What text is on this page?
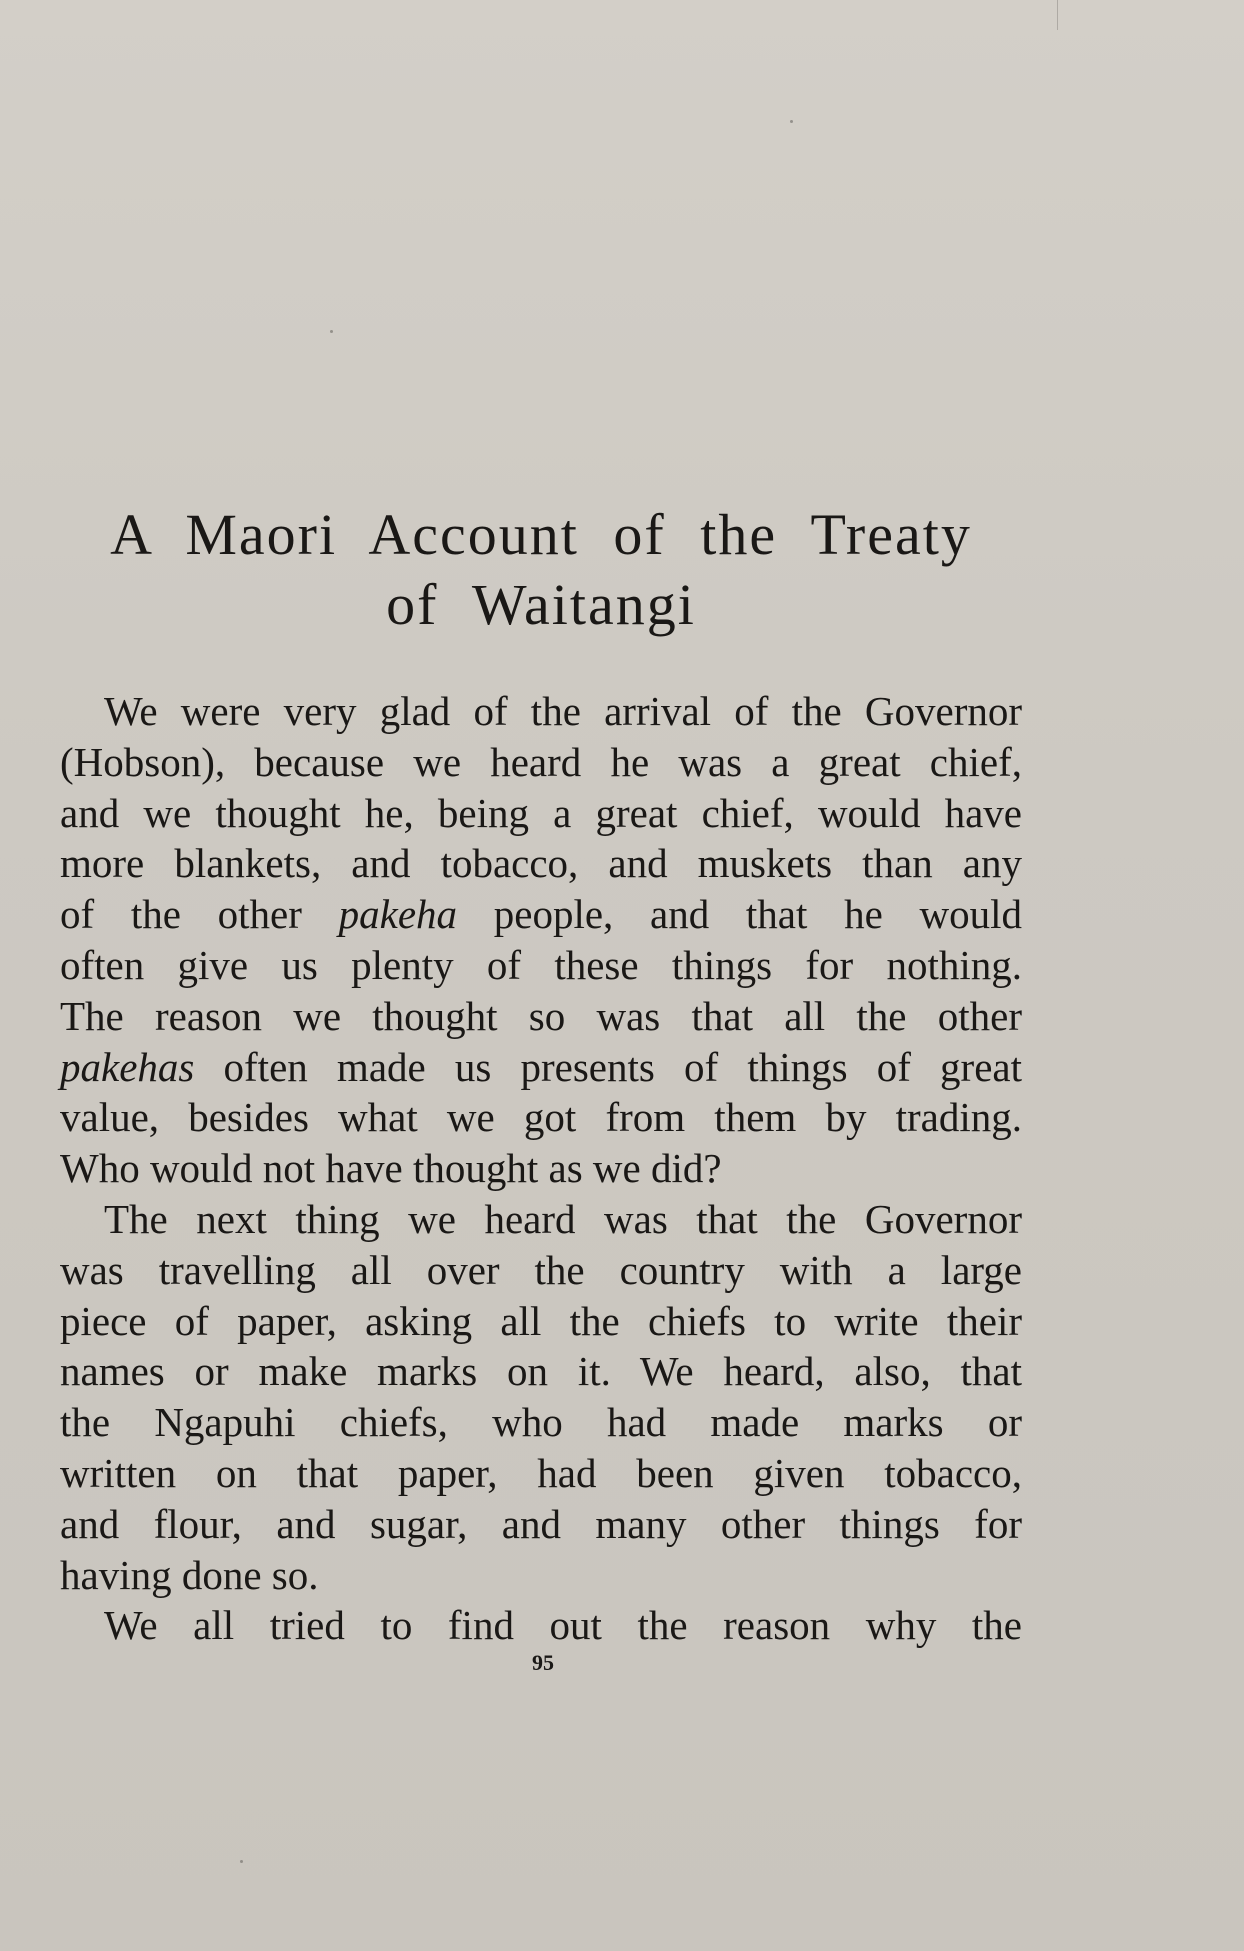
A Maori Account of the Treaty
of Waitangi

We were very glad of the arrival of the Governor
(Hobson), because we heard he was a great chief,
and we thought he, being a great chief, would have
more blankets, and tobacco, and muskets than any
of the other pakeha people, and that he would
often give us plenty of these things for nothing.
The reason we thought so was that all the other
pakehas often made us presents of things of great
value, besides what we got from them by trading.
Who would not have thought as we did?

The next thing we heard was that the Governor
was travelling all over the country with a large
piece of paper, asking all the chiefs to write their
names or make marks on it. We heard, also, that
the Ngapuhi chiefs, who had made marks or
written on that paper, had been given tobacco,
and flour, and sugar, and many other things for
having done so.

We all tried to find out the reason why the

95
